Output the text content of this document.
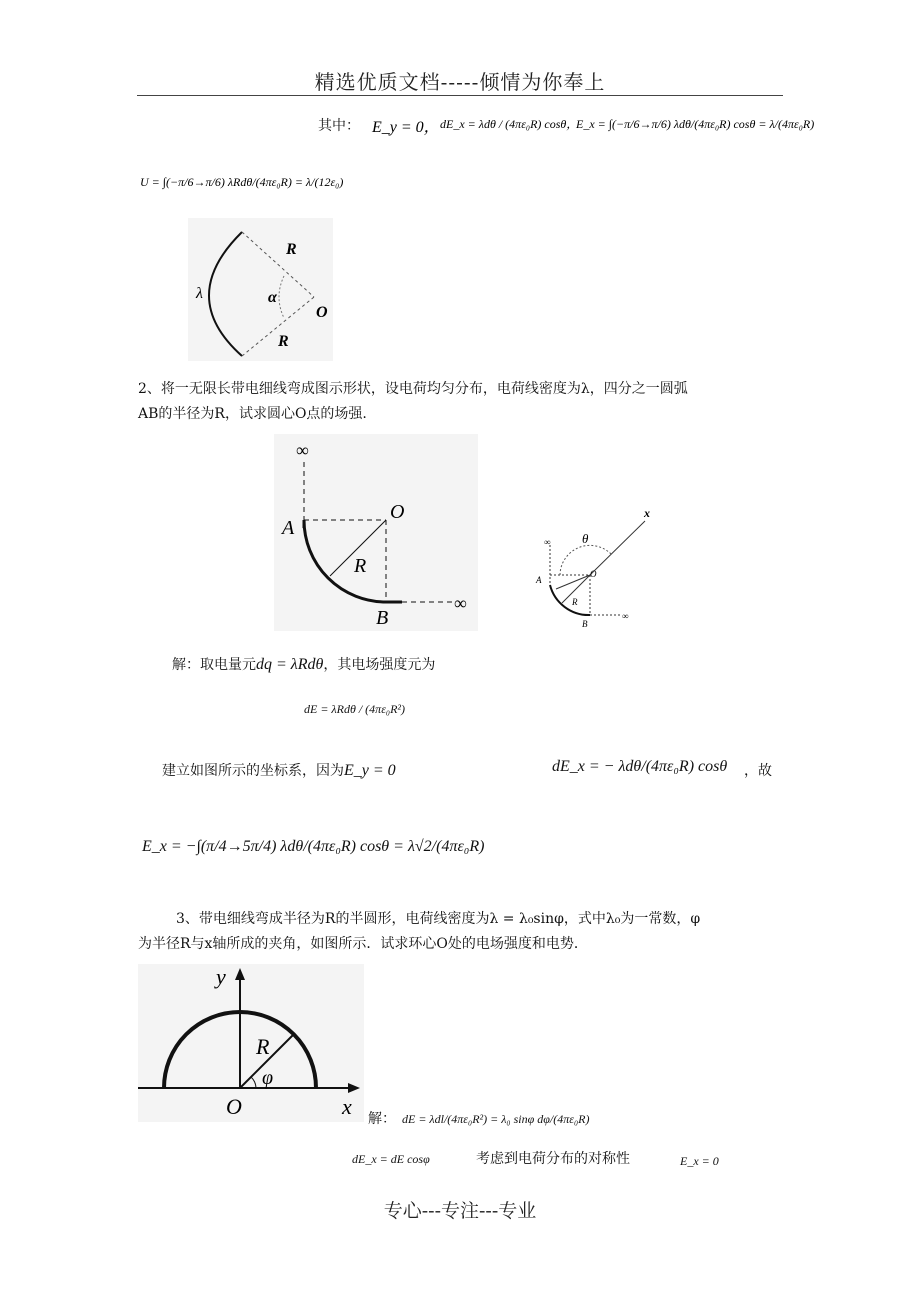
精选优质文档-----倾情为你奉上
专心---专注---专业
其中： E_y = 0， dE_x = λdθ / (4πε₀R) cosθ，
E_x = ∫(−π/6→π/6) λdθ/(4πε₀R) cosθ = λ/(4πε₀R)
U = ∫(−π/6→π/6) λRdθ/(4πε₀R) = λ/(12ε₀)
λ
R
R
α
O
2、将一无限长带电细线弯成图示形状，设电荷均匀分布，电荷线密度为λ，四分之一圆弧
AB的半径为R，试求圆心O点的场强.
∞
∞
A
O
R
B
x
θ
∞
A
O
R
B
∞
解：取电量元dq = λRdθ，其电场强度元为
dE = λRdθ / (4πε₀R²)
建立如图所示的坐标系，因为E_y = 0	dE_x = − λdθ/(4πε₀R) cosθ ，故
E_x = −∫(π/4→5π/4) λdθ/(4πε₀R) cosθ = λ√2/(4πε₀R)
3、带电细线弯成半径为R的半圆形，电荷线密度为λ = λ₀sinφ，式中λ₀为一常数，φ
为半径R与x轴所成的夹角，如图所示．试求环心O处的电场强度和电势．
y
x
O
R
φ
解： dE = λdl/(4πε₀R²) = λ₀ sinφ dφ/(4πε₀R)
dE_x = dE cosφ	考虑到电荷分布的对称性	E_x = 0
